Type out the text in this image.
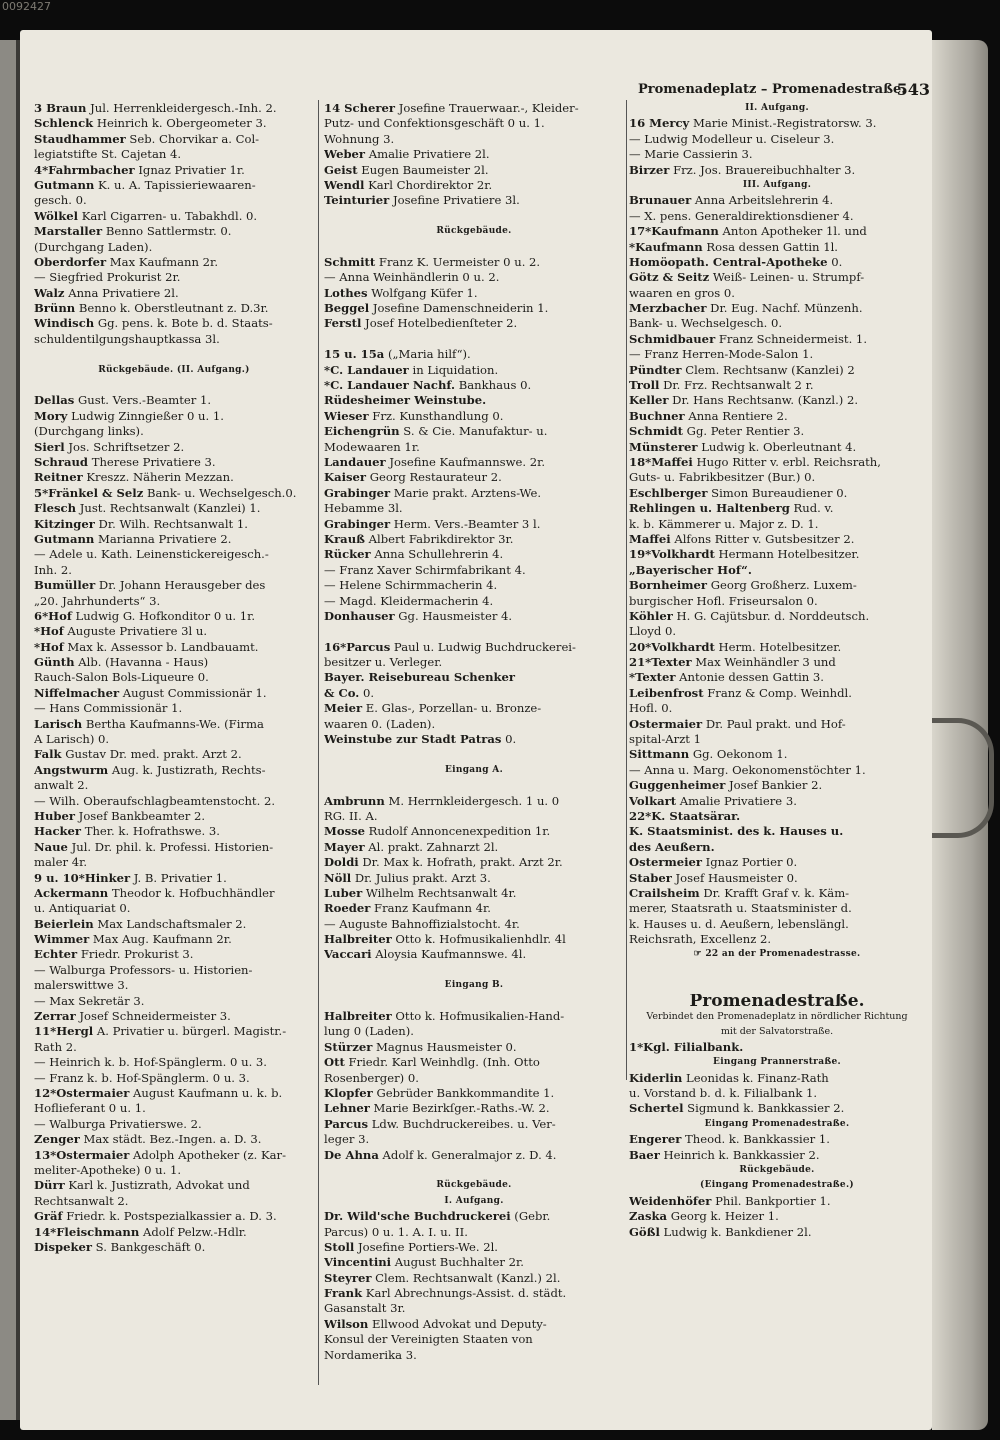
0092427
Promenadeplatz – Promenadestraße.
543
3 Braun Jul. Herrenkleidergesch.-Inh. 2.
Schlenck Heinrich k. Obergeometer 3.
Staudhammer Seb. Chorvikar a. Col-
legiatstifte St. Cajetan 4.
4*Fahrmbacher Ignaz Privatier 1r.
Gutmann K. u. A. Tapissieriewaaren-
gesch. 0.
Wölkel Karl Cigarren- u. Tabakhdl. 0.
Marstaller Benno Sattlermstr. 0.
(Durchgang Laden).
Oberdorfer Max Kaufmann 2r.
— Siegfried Prokurist 2r.
Walz Anna Privatiere 2l.
Brünn Benno k. Oberstleutnant z. D.3r.
Windisch Gg. pens. k. Bote b. d. Staats-
schuldentilgungshauptkassa 3l.
Rückgebäude. (II. Aufgang.)
Dellas Gust. Vers.-Beamter 1.
Mory Ludwig Zinngießer 0 u. 1.
(Durchgang links).
Sierl Jos. Schriftsetzer 2.
Schraud Therese Privatiere 3.
Reitner Kreszz. Näherin Mezzan.
5*Fränkel & Selz Bank- u. Wechselgesch.0.
Flesch Just. Rechtsanwalt (Kanzlei) 1.
Kitzinger Dr. Wilh. Rechtsanwalt 1.
Gutmann Marianna Privatiere 2.
— Adele u. Kath. Leinenstickereigesch.-
Inh. 2.
Bumüller Dr. Johann Herausgeber des
„20. Jahrhunderts“ 3.
6*Hof Ludwig G. Hofkonditor 0 u. 1r.
*Hof Auguste Privatiere 3l u.
*Hof Max k. Assessor b. Landbauamt.
Günth Alb. (Havanna - Haus)
Rauch-Salon Bols-Liqueure 0.
Niffelmacher August Commissionär 1.
— Hans Commissionär 1.
Larisch Bertha Kaufmanns-We. (Firma
A Larisch) 0.
Falk Gustav Dr. med. prakt. Arzt 2.
Angstwurm Aug. k. Justizrath, Rechts-
anwalt 2.
— Wilh. Oberaufschlagbeamtenstocht. 2.
Huber Josef Bankbeamter 2.
Hacker Ther. k. Hofrathswe. 3.
Naue Jul. Dr. phil. k. Professi. Historien-
maler 4r.
9 u. 10*Hinker J. B. Privatier 1.
Ackermann Theodor k. Hofbuchhändler
u. Antiquariat 0.
Beierlein Max Landschaftsmaler 2.
Wimmer Max Aug. Kaufmann 2r.
Echter Friedr. Prokurist 3.
— Walburga Professors- u. Historien-
malerswittwe 3.
— Max Sekretär 3.
Zerrar Josef Schneidermeister 3.
11*Hergl A. Privatier u. bürgerl. Magistr.-
Rath 2.
— Heinrich k. b. Hof-Spänglerm. 0 u. 3.
— Franz k. b. Hof-Spänglerm. 0 u. 3.
12*Ostermaier August Kaufmann u. k. b.
Hoflieferant 0 u. 1.
— Walburga Privatierswe. 2.
Zenger Max städt. Bez.-Ingen. a. D. 3.
13*Ostermaier Adolph Apotheker (z. Kar-
meliter-Apotheke) 0 u. 1.
Dürr Karl k. Justizrath, Advokat und
Rechtsanwalt 2.
Gräf Friedr. k. Postspezialkassier a. D. 3.
14*Fleischmann Adolf Pelzw.-Hdlr.
Dispeker S. Bankgeschäft 0.
14 Scherer Josefine Trauerwaar.-, Kleider-
Putz- und Confektionsgeschäft 0 u. 1.
Wohnung 3.
Weber Amalie Privatiere 2l.
Geist Eugen Baumeister 2l.
Wendl Karl Chordirektor 2r.
Teinturier Josefine Privatiere 3l.
Rückgebäude.
Schmitt Franz K. Uermeister 0 u. 2.
— Anna Weinhändlerin 0 u. 2.
Lothes Wolfgang Küfer 1.
Beggel Josefine Damenschneiderin 1.
Ferstl Josef Hotelbedienſteter 2.
15 u. 15a („Maria hilf“).
*C. Landauer in Liquidation.
*C. Landauer Nachf. Bankhaus 0.
Rüdesheimer Weinstube.
Wieser Frz. Kunsthandlung 0.
Eichengrün S. & Cie. Manufaktur- u.
Modewaaren 1r.
Landauer Josefine Kaufmannswe. 2r.
Kaiser Georg Restaurateur 2.
Grabinger Marie prakt. Arztens-We.
Hebamme 3l.
Grabinger Herm. Vers.-Beamter 3 l.
Krauß Albert Fabrikdirektor 3r.
Rücker Anna Schullehrerin 4.
— Franz Xaver Schirmfabrikant 4.
— Helene Schirmmacherin 4.
— Magd. Kleidermacherin 4.
Donhauser Gg. Hausmeister 4.
16*Parcus Paul u. Ludwig Buchdruckerei-
besitzer u. Verleger.
Bayer. Reisebureau Schenker
& Co. 0.
Meier E. Glas-, Porzellan- u. Bronze-
waaren 0. (Laden).
Weinstube zur Stadt Patras 0.
Eingang A.
Ambrunn M. Herrnkleidergesch. 1 u. 0
RG. II. A.
Mosse Rudolf Annoncenexpedition 1r.
Mayer Al. prakt. Zahnarzt 2l.
Doldi Dr. Max k. Hofrath, prakt. Arzt 2r.
Nöll Dr. Julius prakt. Arzt 3.
Luber Wilhelm Rechtsanwalt 4r.
Roeder Franz Kaufmann 4r.
— Auguste Bahnoffizialstocht. 4r.
Halbreiter Otto k. Hofmusikalienhdlr. 4l
Vaccari Aloysia Kaufmannswe. 4l.
Eingang B.
Halbreiter Otto k. Hofmusikalien-Hand-
lung 0 (Laden).
Stürzer Magnus Hausmeister 0.
Ott Friedr. Karl Weinhdlg. (Inh. Otto
Rosenberger) 0.
Klopfer Gebrüder Bankkommandite 1.
Lehner Marie Bezirkſger.-Raths.-W. 2.
Parcus Ldw. Buchdruckereibes. u. Ver-
leger 3.
De Ahna Adolf k. Generalmajor z. D. 4.
Rückgebäude.
I. Aufgang.
Dr. Wild'sche Buchdruckerei (Gebr.
Parcus) 0 u. 1. A. I. u. II.
Stoll Josefine Portiers-We. 2l.
Vincentini August Buchhalter 2r.
Steyrer Clem. Rechtsanwalt (Kanzl.) 2l.
Frank Karl Abrechnungs-Assist. d. städt.
Gasanstalt 3r.
Wilson Ellwood Advokat und Deputy-
Konsul der Vereinigten Staaten von
Nordamerika 3.
II. Aufgang.
16 Mercy Marie Minist.-Registratorsw. 3.
— Ludwig Modelleur u. Ciseleur 3.
— Marie Cassierin 3.
Birzer Frz. Jos. Brauereibuchhalter 3.
III. Aufgang.
Brunauer Anna Arbeitslehrerin 4.
— X. pens. Generaldirektionsdiener 4.
17*Kaufmann Anton Apotheker 1l. und
*Kaufmann Rosa dessen Gattin 1l.
Homöopath. Central-Apotheke 0.
Götz & Seitz Weiß- Leinen- u. Strumpf-
waaren en gros 0.
Merzbacher Dr. Eug. Nachf. Münzenh.
Bank- u. Wechselgesch. 0.
Schmidbauer Franz Schneidermeist. 1.
— Franz Herren-Mode-Salon 1.
Pündter Clem. Rechtsanw (Kanzlei) 2
Troll Dr. Frz. Rechtsanwalt 2 r.
Keller Dr. Hans Rechtsanw. (Kanzl.) 2.
Buchner Anna Rentiere 2.
Schmidt Gg. Peter Rentier 3.
Münsterer Ludwig k. Oberleutnant 4.
18*Maffei Hugo Ritter v. erbl. Reichsrath,
Guts- u. Fabrikbesitzer (Bur.) 0.
Eschlberger Simon Bureaudiener 0.
Rehlingen u. Haltenberg Rud. v.
k. b. Kämmerer u. Major z. D. 1.
Maffei Alfons Ritter v. Gutsbesitzer 2.
19*Volkhardt Hermann Hotelbesitzer.
„Bayerischer Hof“.
Bornheimer Georg Großherz. Luxem-
burgischer Hofl. Friseursalon 0.
Köhler H. G. Cajütsbur. d. Norddeutsch.
Lloyd 0.
20*Volkhardt Herm. Hotelbesitzer.
21*Texter Max Weinhändler 3 und
*Texter Antonie dessen Gattin 3.
Leibenfrost Franz & Comp. Weinhdl.
Hofl. 0.
Ostermaier Dr. Paul prakt. und Hof-
spital-Arzt 1
Sittmann Gg. Oekonom 1.
— Anna u. Marg. Oekonomenstöchter 1.
Guggenheimer Josef Bankier 2.
Volkart Amalie Privatiere 3.
22*K. Staatsärar.
K. Staatsminist. des k. Hauses u.
des Aeußern.
Ostermeier Ignaz Portier 0.
Staber Josef Hausmeister 0.
Crailsheim Dr. Krafft Graf v. k. Käm-
merer, Staatsrath u. Staatsminister d.
k. Hauses u. d. Aeußern, lebenslängl.
Reichsrath, Excellenz 2.
☞ 22 an der Promenadestrasse.
Promenadestraße.
Verbindet den Promenadeplatz in nördlicher Richtung
mit der Salvatorstraße.
1*Kgl. Filialbank.
Eingang Prannerstraße.
Kiderlin Leonidas k. Finanz-Rath
u. Vorstand b. d. k. Filialbank 1.
Schertel Sigmund k. Bankkassier 2.
Eingang Promenadestraße.
Engerer Theod. k. Bankkassier 1.
Baer Heinrich k. Bankkassier 2.
Rückgebäude.
(Eingang Promenadestraße.)
Weidenhöfer Phil. Bankportier 1.
Zaska Georg k. Heizer 1.
Gößl Ludwig k. Bankdiener 2l.
